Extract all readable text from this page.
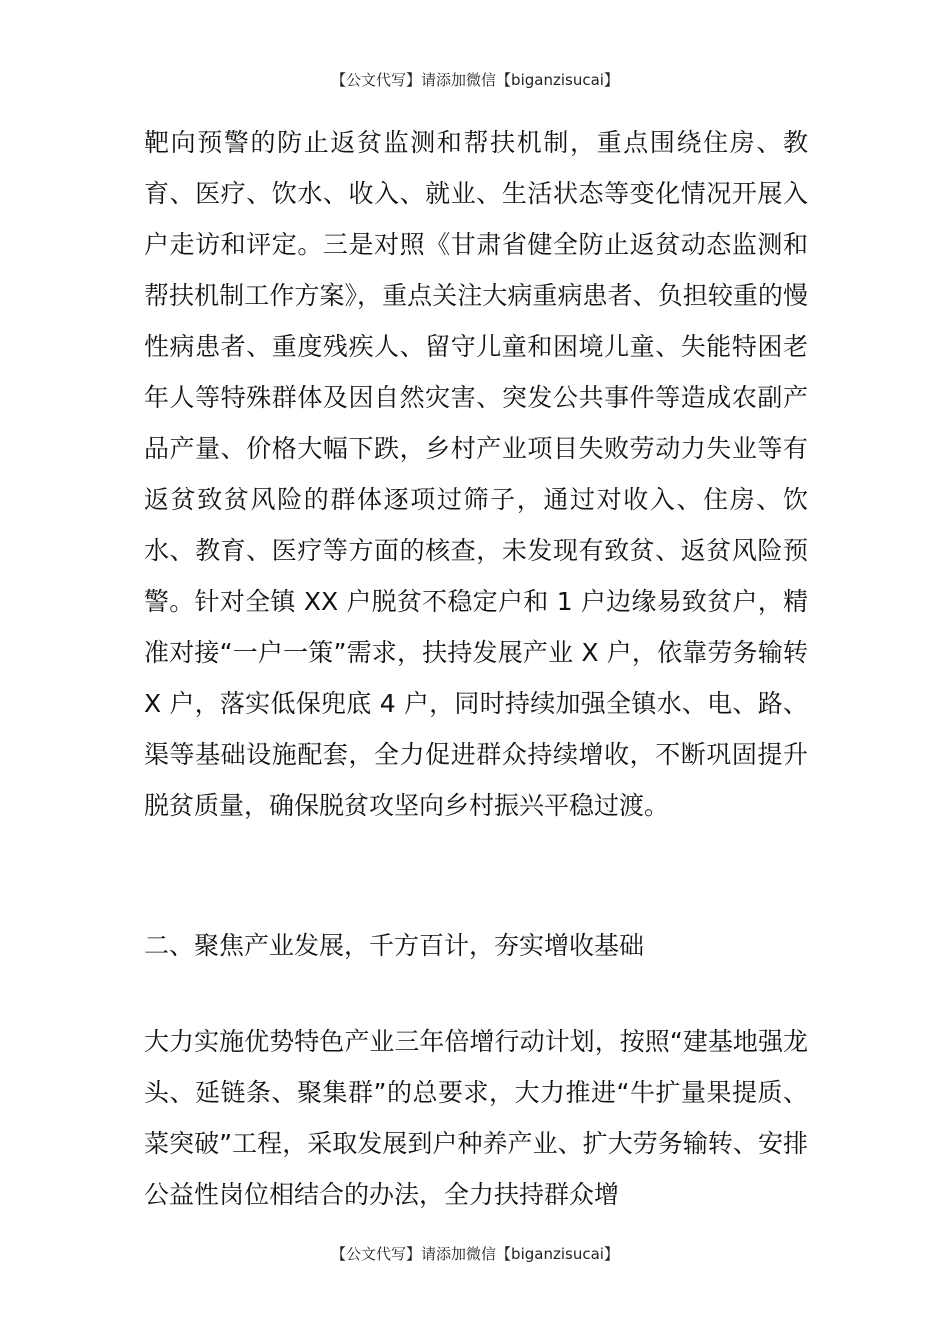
【公文代写】请添加微信【biganzisucai】

靶向预警的防止返贫监测和帮扶机制，重点围绕住房、教育、医疗、饮水、收入、就业、生活状态等变化情况开展入户走访和评定。三是对照《甘肃省健全防止返贫动态监测和帮扶机制工作方案》，重点关注大病重病患者、负担较重的慢性病患者、重度残疾人、留守儿童和困境儿童、失能特困老年人等特殊群体及因自然灾害、突发公共事件等造成农副产品产量、价格大幅下跌，乡村产业项目失败劳动力失业等有返贫致贫风险的群体逐项过筛子，通过对收入、住房、饮水、教育、医疗等方面的核查，未发现有致贫、返贫风险预警。针对全镇 XX 户脱贫不稳定户和 1 户边缘易致贫户，精准对接“一户一策”需求，扶持发展产业 X 户，依靠劳务输转 X 户，落实低保兜底 4 户，同时持续加强全镇水、电、路、渠等基础设施配套，全力促进群众持续增收，不断巩固提升脱贫质量，确保脱贫攻坚向乡村振兴平稳过渡。

二、聚焦产业发展，千方百计，夯实增收基础

大力实施优势特色产业三年倍增行动计划，按照“建基地强龙头、延链条、聚集群”的总要求，大力推进“牛扩量果提质、菜突破”工程，采取发展到户种养产业、扩大劳务输转、安排公益性岗位相结合的办法，全力扶持群众增

【公文代写】请添加微信【biganzisucai】
